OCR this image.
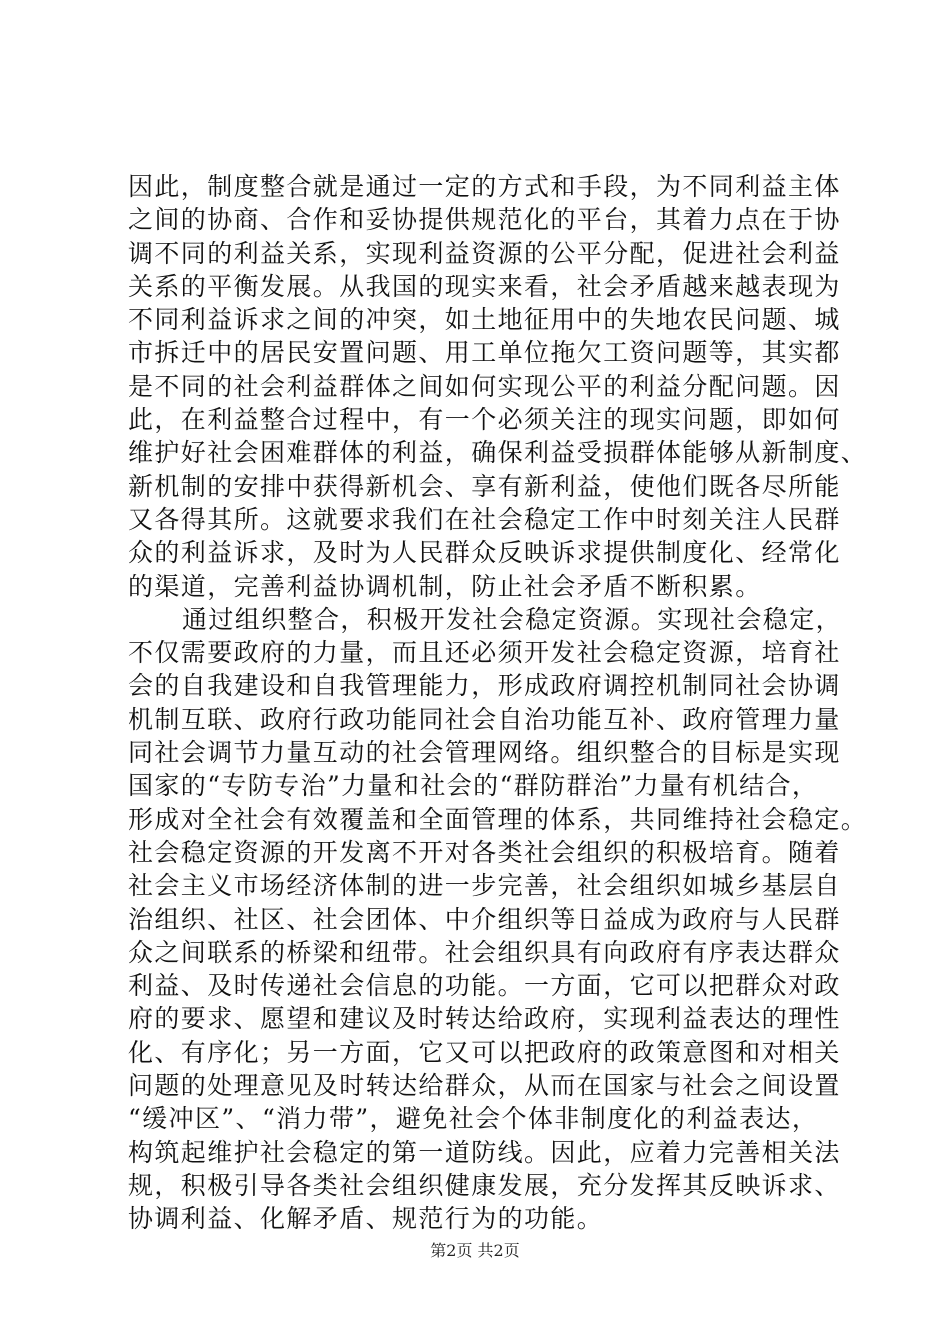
因此，制度整合就是通过一定的方式和手段，为不同利益主体
之间的协商、合作和妥协提供规范化的平台，其着力点在于协
调不同的利益关系，实现利益资源的公平分配，促进社会利益
关系的平衡发展。从我国的现实来看，社会矛盾越来越表现为
不同利益诉求之间的冲突，如土地征用中的失地农民问题、城
市拆迁中的居民安置问题、用工单位拖欠工资问题等，其实都
是不同的社会利益群体之间如何实现公平的利益分配问题。因
此，在利益整合过程中，有一个必须关注的现实问题，即如何
维护好社会困难群体的利益，确保利益受损群体能够从新制度、
新机制的安排中获得新机会、享有新利益，使他们既各尽所能
又各得其所。这就要求我们在社会稳定工作中时刻关注人民群
众的利益诉求，及时为人民群众反映诉求提供制度化、经常化
的渠道，完善利益协调机制，防止社会矛盾不断积累。
通过组织整合，积极开发社会稳定资源。实现社会稳定，
不仅需要政府的力量，而且还必须开发社会稳定资源，培育社
会的自我建设和自我管理能力，形成政府调控机制同社会协调
机制互联、政府行政功能同社会自治功能互补、政府管理力量
同社会调节力量互动的社会管理网络。组织整合的目标是实现
国家的“专防专治”力量和社会的“群防群治”力量有机结合，
形成对全社会有效覆盖和全面管理的体系，共同维持社会稳定。
社会稳定资源的开发离不开对各类社会组织的积极培育。随着
社会主义市场经济体制的进一步完善，社会组织如城乡基层自
治组织、社区、社会团体、中介组织等日益成为政府与人民群
众之间联系的桥梁和纽带。社会组织具有向政府有序表达群众
利益、及时传递社会信息的功能。一方面，它可以把群众对政
府的要求、愿望和建议及时转达给政府，实现利益表达的理性
化、有序化；另一方面，它又可以把政府的政策意图和对相关
问题的处理意见及时转达给群众，从而在国家与社会之间设置
“缓冲区”、“消力带”，避免社会个体非制度化的利益表达，
构筑起维护社会稳定的第一道防线。因此，应着力完善相关法
规，积极引导各类社会组织健康发展，充分发挥其反映诉求、
协调利益、化解矛盾、规范行为的功能。
第2页 共2页
